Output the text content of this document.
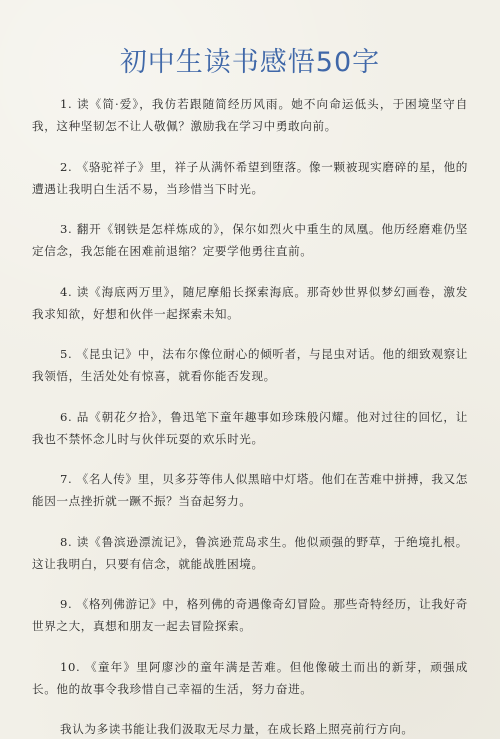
初中生读书感悟50字

1. 读《简·爱》，我仿若跟随简经历风雨。她不向命运低头，于困境坚守自我，这种坚韧怎不让人敬佩？激励我在学习中勇敢向前。

2. 《骆驼祥子》里，祥子从满怀希望到堕落。像一颗被现实磨碎的星，他的遭遇让我明白生活不易，当珍惜当下时光。

3. 翻开《钢铁是怎样炼成的》，保尔如烈火中重生的凤凰。他历经磨难仍坚定信念，我怎能在困难前退缩？定要学他勇往直前。

4. 读《海底两万里》，随尼摩船长探索海底。那奇妙世界似梦幻画卷，激发我求知欲，好想和伙伴一起探索未知。

5. 《昆虫记》中，法布尔像位耐心的倾听者，与昆虫对话。他的细致观察让我领悟，生活处处有惊喜，就看你能否发现。

6. 品《朝花夕拾》，鲁迅笔下童年趣事如珍珠般闪耀。他对过往的回忆，让我也不禁怀念儿时与伙伴玩耍的欢乐时光。

7. 《名人传》里，贝多芬等伟人似黑暗中灯塔。他们在苦难中拼搏，我又怎能因一点挫折就一蹶不振？当奋起努力。

8. 读《鲁滨逊漂流记》，鲁滨逊荒岛求生。他似顽强的野草，于绝境扎根。这让我明白，只要有信念，就能战胜困境。

9. 《格列佛游记》中，格列佛的奇遇像奇幻冒险。那些奇特经历，让我好奇世界之大，真想和朋友一起去冒险探索。

10. 《童年》里阿廖沙的童年满是苦难。但他像破土而出的新芽，顽强成长。他的故事令我珍惜自己幸福的生活，努力奋进。

我认为多读书能让我们汲取无尽力量，在成长路上照亮前行方向。
